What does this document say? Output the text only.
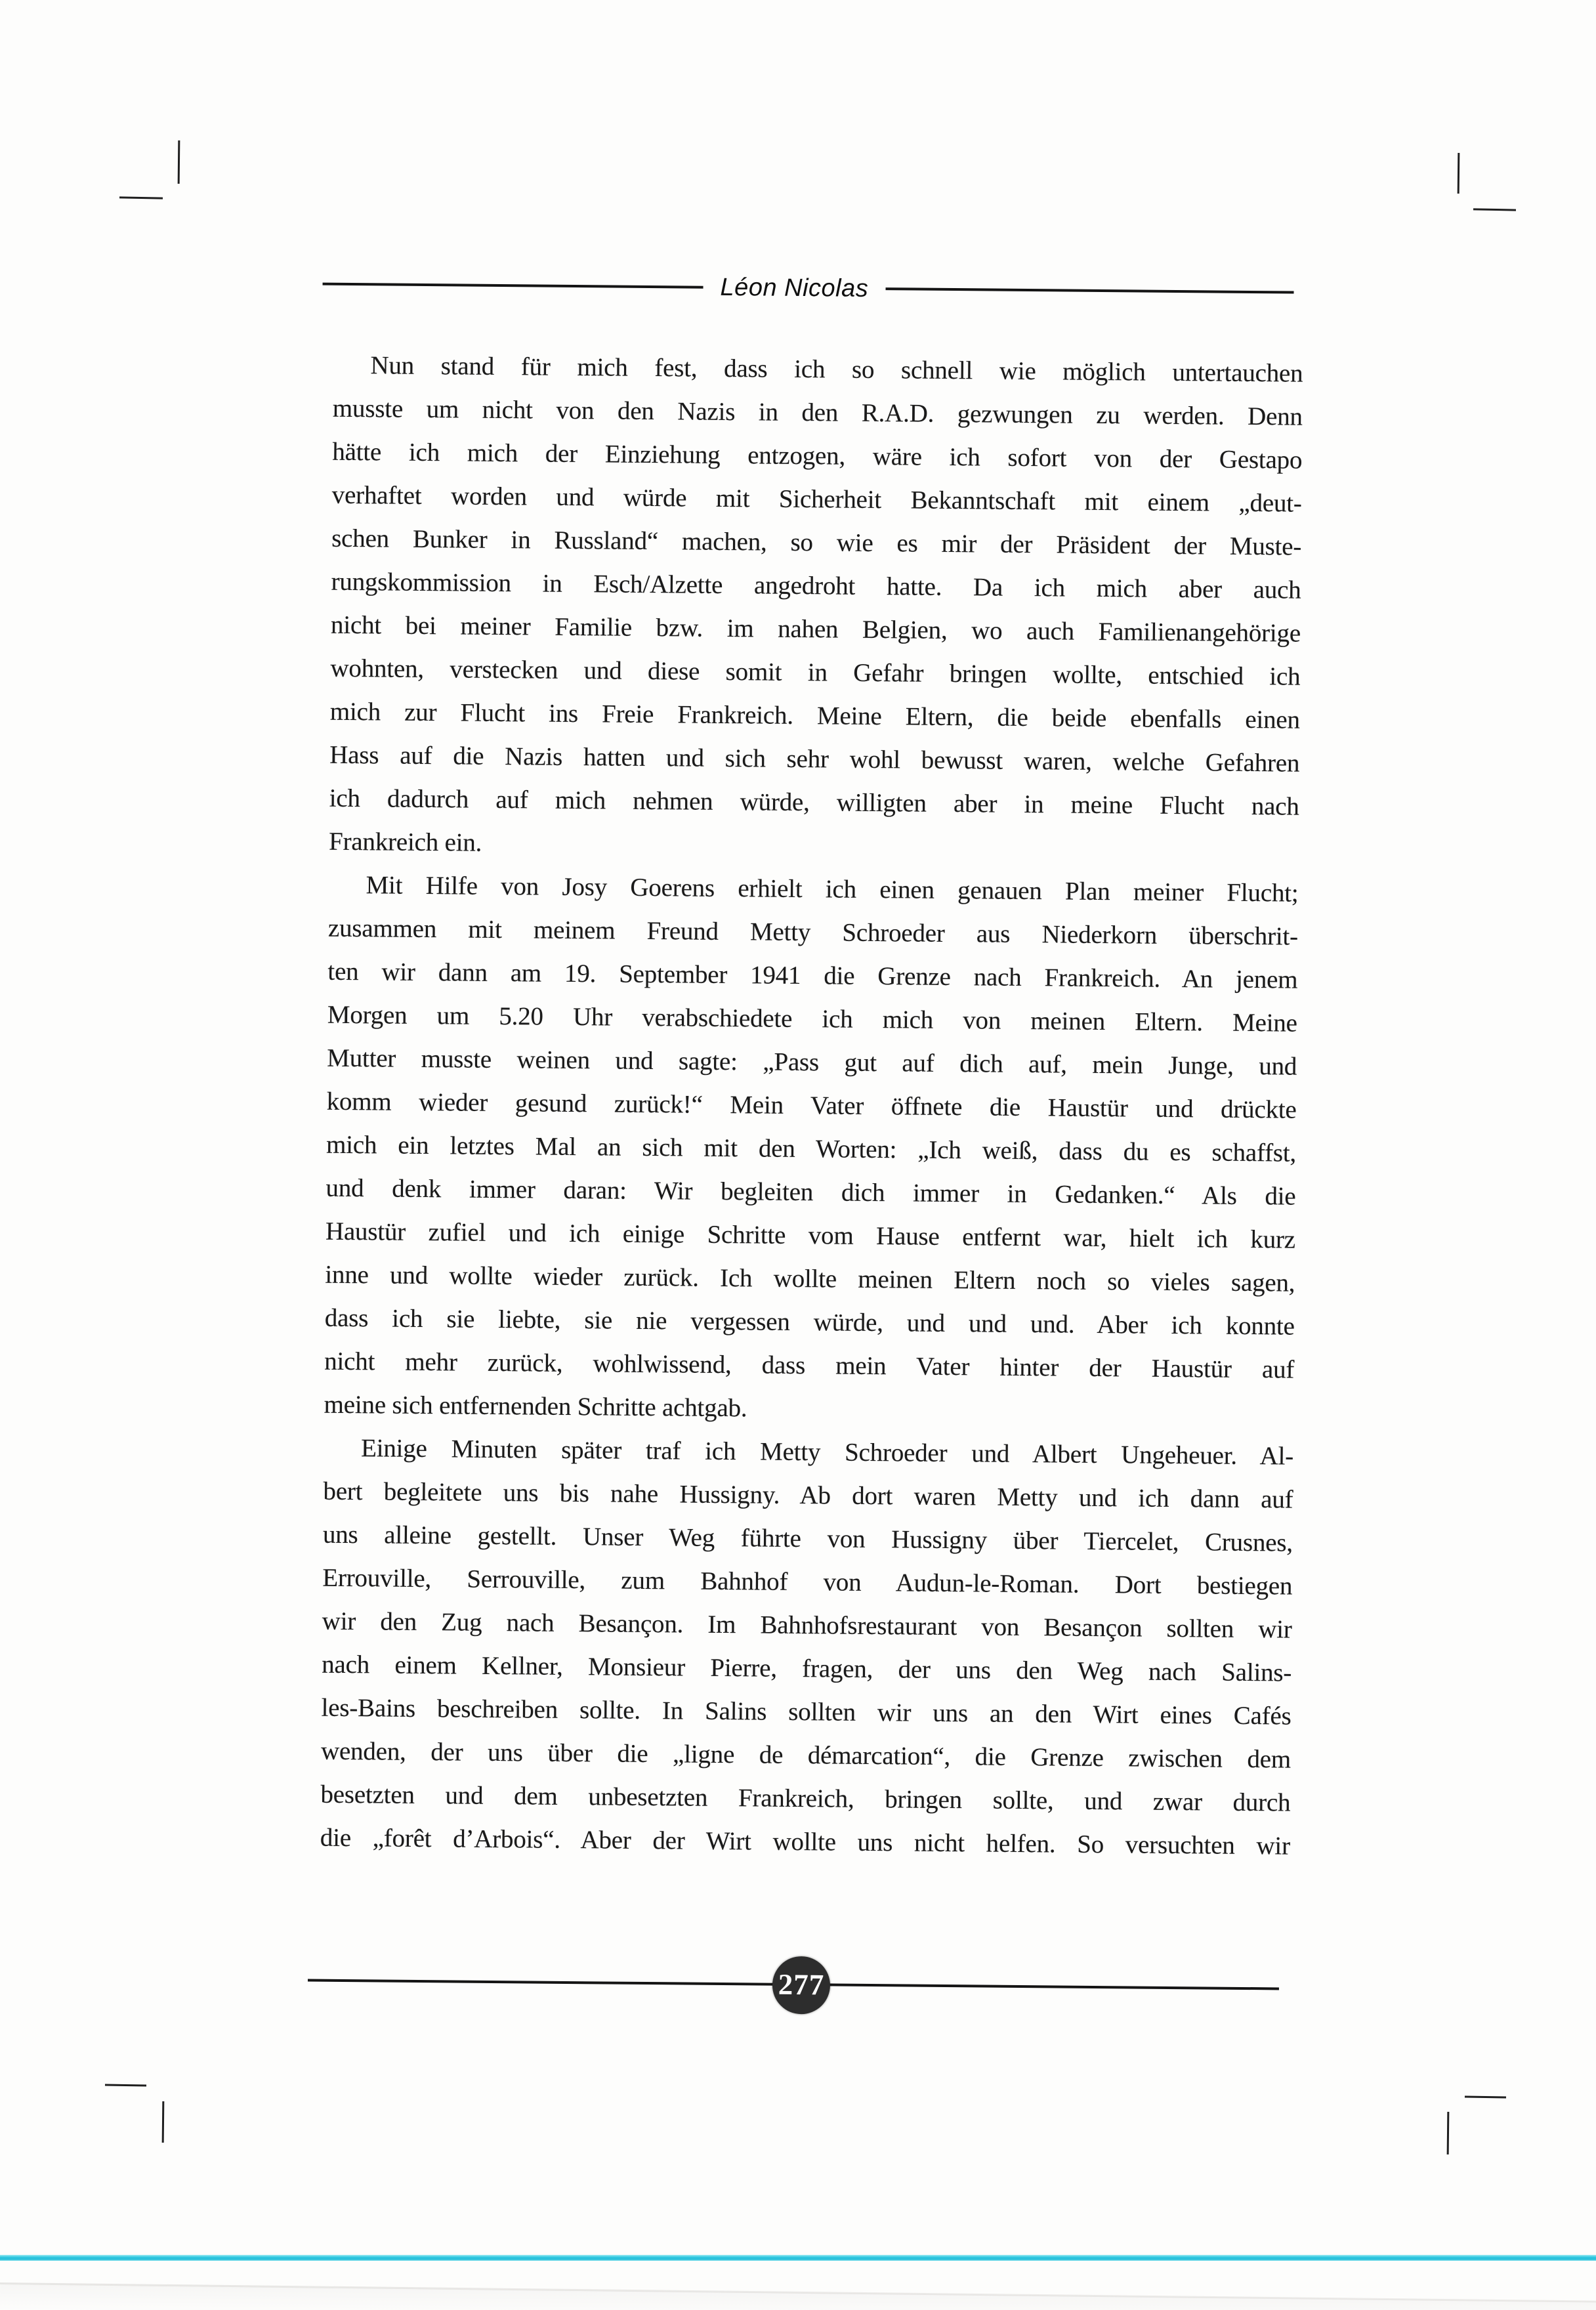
Léon Nicolas
Nun stand für mich fest, dass ich so schnell wie möglich untertauchen
musste um nicht von den Nazis in den R.A.D. gezwungen zu werden. Denn
hätte ich mich der Einziehung entzogen, wäre ich sofort von der Gestapo
verhaftet worden und würde mit Sicherheit Bekanntschaft mit einem „deut-
schen Bunker in Russland“ machen, so wie es mir der Präsident der Muste-
rungskommission in Esch/Alzette angedroht hatte. Da ich mich aber auch
nicht bei meiner Familie bzw. im nahen Belgien, wo auch Familienangehörige
wohnten, verstecken und diese somit in Gefahr bringen wollte, entschied ich
mich zur Flucht ins Freie Frankreich. Meine Eltern, die beide ebenfalls einen
Hass auf die Nazis hatten und sich sehr wohl bewusst waren, welche Gefahren
ich dadurch auf mich nehmen würde, willigten aber in meine Flucht nach
Frankreich ein.
Mit Hilfe von Josy Goerens erhielt ich einen genauen Plan meiner Flucht;
zusammen mit meinem Freund Metty Schroeder aus Niederkorn überschrit-
ten wir dann am 19. September 1941 die Grenze nach Frankreich. An jenem
Morgen um 5.20 Uhr verabschiedete ich mich von meinen Eltern. Meine
Mutter musste weinen und sagte: „Pass gut auf dich auf, mein Junge, und
komm wieder gesund zurück!“ Mein Vater öffnete die Haustür und drückte
mich ein letztes Mal an sich mit den Worten: „Ich weiß, dass du es schaffst,
und denk immer daran: Wir begleiten dich immer in Gedanken.“ Als die
Haustür zufiel und ich einige Schritte vom Hause entfernt war, hielt ich kurz
inne und wollte wieder zurück. Ich wollte meinen Eltern noch so vieles sagen,
dass ich sie liebte, sie nie vergessen würde, und und und. Aber ich konnte
nicht mehr zurück, wohlwissend, dass mein Vater hinter der Haustür auf
meine sich entfernenden Schritte achtgab.
Einige Minuten später traf ich Metty Schroeder und Albert Ungeheuer. Al-
bert begleitete uns bis nahe Hussigny. Ab dort waren Metty und ich dann auf
uns alleine gestellt. Unser Weg führte von Hussigny über Tiercelet, Crusnes,
Errouville, Serrouville, zum Bahnhof von Audun-le-Roman. Dort bestiegen
wir den Zug nach Besançon. Im Bahnhofsrestaurant von Besançon sollten wir
nach einem Kellner, Monsieur Pierre, fragen, der uns den Weg nach Salins-
les-Bains beschreiben sollte. In Salins sollten wir uns an den Wirt eines Cafés
wenden, der uns über die „ligne de démarcation“, die Grenze zwischen dem
besetzten und dem unbesetzten Frankreich, bringen sollte, und zwar durch
die „forêt d’Arbois“. Aber der Wirt wollte uns nicht helfen. So versuchten wir
277
